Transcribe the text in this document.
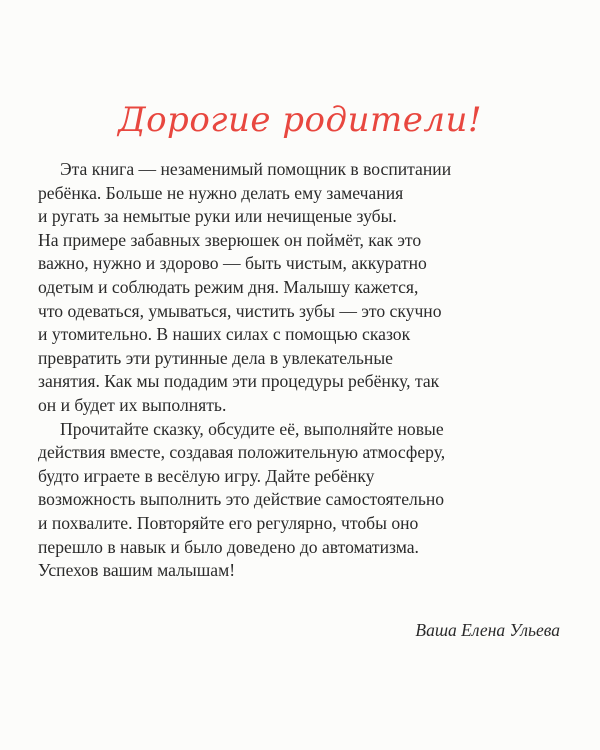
Дорогие родители!

Эта книга — незаменимый помощник в воспитании
ребёнка. Больше не нужно делать ему замечания
и ругать за немытые руки или нечищеные зубы.
На примере забавных зверюшек он поймёт, как это
важно, нужно и здорово — быть чистым, аккуратно
одетым и соблюдать режим дня. Малышу кажется,
что одеваться, умываться, чистить зубы — это скучно
и утомительно. В наших силах с помощью сказок
превратить эти рутинные дела в увлекательные
занятия. Как мы подадим эти процедуры ребёнку, так
он и будет их выполнять.

Прочитайте сказку, обсудите её, выполняйте новые
действия вместе, создавая положительную атмосферу,
будто играете в весёлую игру. Дайте ребёнку
возможность выполнить это действие самостоятельно
и похвалите. Повторяйте его регулярно, чтобы оно
перешло в навык и было доведено до автоматизма.
Успехов вашим малышам!

Ваша Елена Ульева
